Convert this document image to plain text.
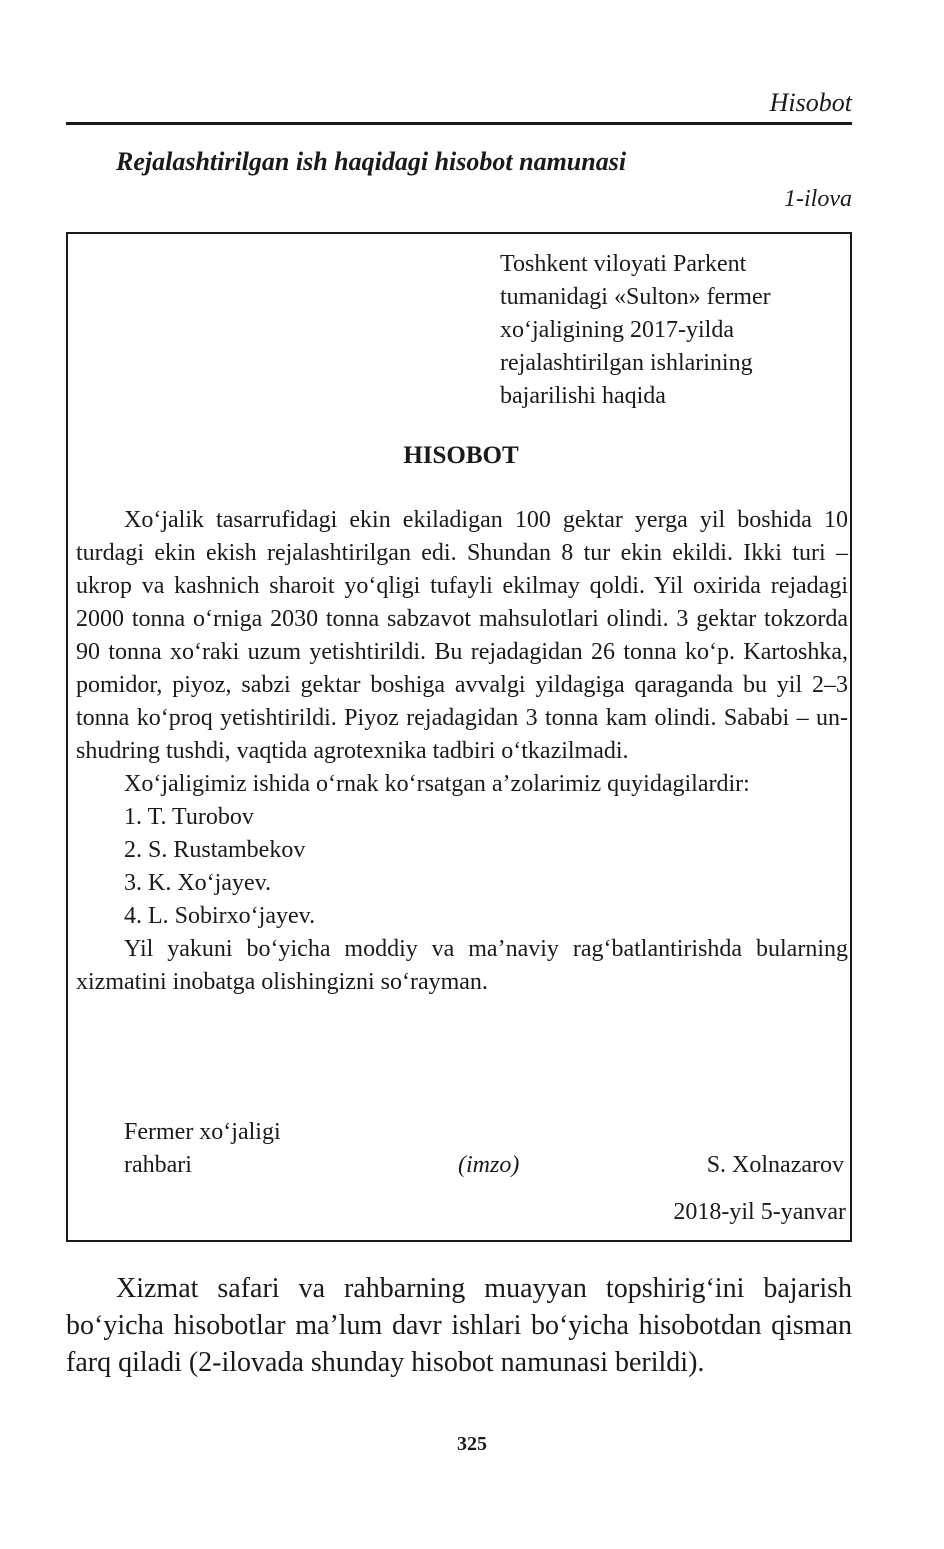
Hisobot
Rejalashtirilgan ish haqidagi hisobot namunasi
1-ilova
Toshkent viloyati Parkent
tumanidagi «Sulton» fermer
xo‘jaligining 2017-yilda
rejalashtirilgan ishlarining
bajarilishi haqida
HISOBOT

Xo‘jalik tasarrufidagi ekin ekiladigan 100 gektar yerga yil boshida 10 turdagi ekin ekish rejalashtirilgan edi. Shundan 8 tur ekin ekildi. Ikki turi – ukrop va kashnich sharoit yo‘qligi tufayli ekilmay qoldi. Yil oxirida rejadagi 2000 tonna o‘rniga 2030 tonna sabzavot mahsulotlari olindi. 3 gektar tokzorda 90 tonna xo‘raki uzum yetishtirildi. Bu rejadagidan 26 tonna ko‘p. Kartoshka, pomidor, piyoz, sabzi gektar boshiga avvalgi yildagiga qaraganda bu yil 2–3 tonna ko‘proq yetishtirildi. Piyoz rejadagidan 3 tonna kam olindi. Sababi – un-shudring tushdi, vaqtida agrotexnika tadbiri o‘tkazilmadi.

Xo‘jaligimiz ishida o‘rnak ko‘rsatgan a’zolarimiz quyidagilardir:

1. T. Turobov
2. S. Rustambekov
3. K. Xo‘jayev.
4. L. Sobirxo‘jayev.

Yil yakuni bo‘yicha moddiy va ma’naviy rag‘batlantirishda bularning xizmatini inobatga olishingizni so‘rayman.

Fermer xo‘jaligi
rahbari	(imzo)	S. Xolnazarov
2018-yil 5-yanvar

Xizmat safari va rahbarning muayyan topshirig‘ini bajarish bo‘yicha hisobotlar ma’lum davr ishlari bo‘yicha hisobotdan qisman farq qiladi (2-ilovada shunday hisobot namunasi berildi).

325
